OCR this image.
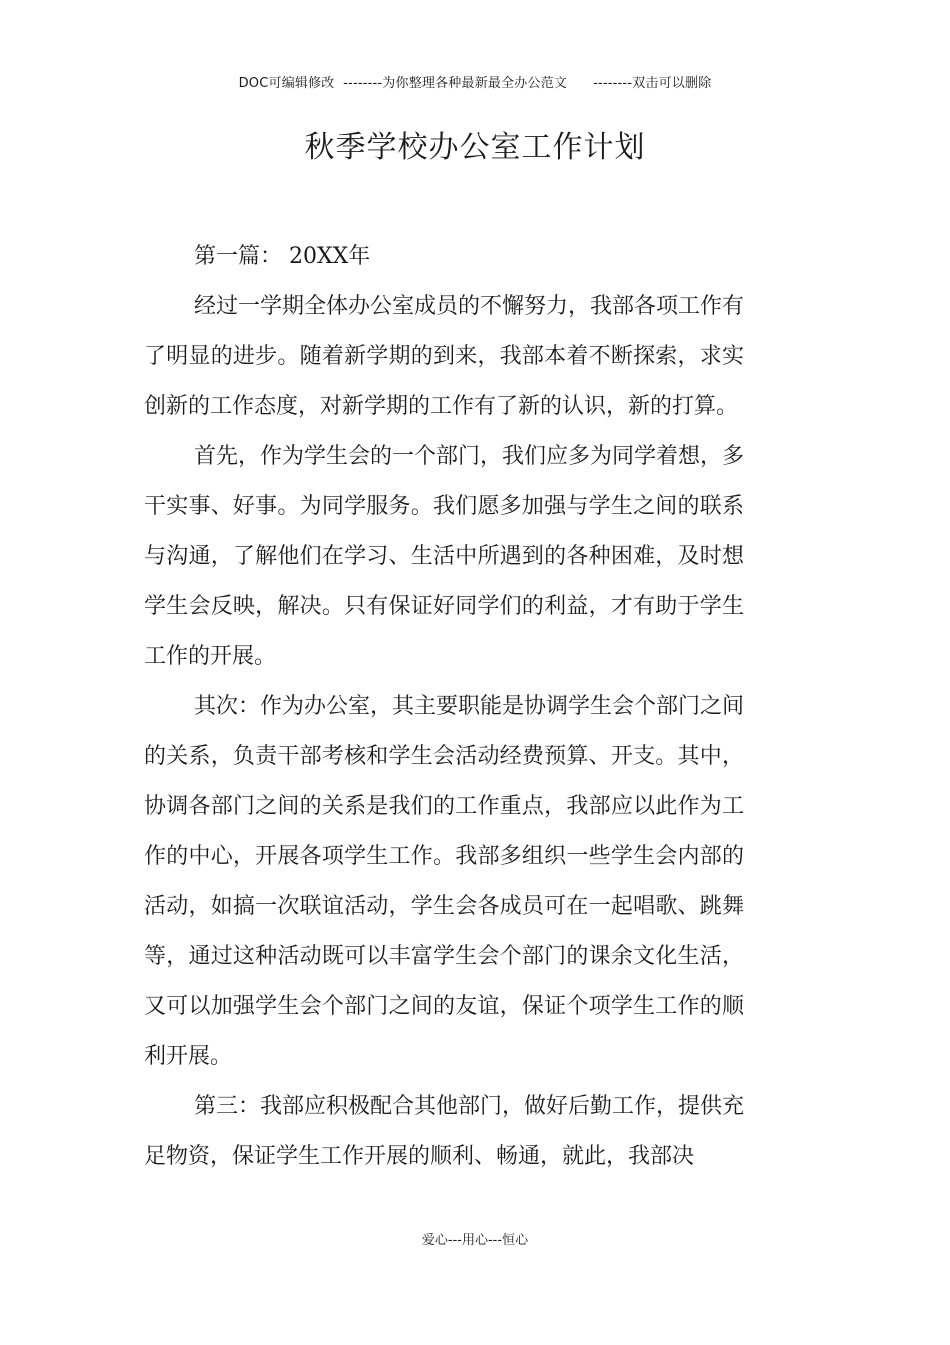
DOC可编辑修改  --------为你整理各种最新最全办公范文      --------双击可以删除
秋季学校办公室工作计划

第一篇： 20XX年

经过一学期全体办公室成员的不懈努力，我部各项工作有了明显的进步。随着新学期的到来，我部本着不断探索，求实创新的工作态度，对新学期的工作有了新的认识，新的打算。

首先，作为学生会的一个部门，我们应多为同学着想，多干实事、好事。为同学服务。我们愿多加强与学生之间的联系与沟通，了解他们在学习、生活中所遇到的各种困难，及时想学生会反映，解决。只有保证好同学们的利益，才有助于学生工作的开展。

其次：作为办公室，其主要职能是协调学生会个部门之间的关系，负责干部考核和学生会活动经费预算、开支。其中，协调各部门之间的关系是我们的工作重点，我部应以此作为工作的中心，开展各项学生工作。我部多组织一些学生会内部的活动，如搞一次联谊活动，学生会各成员可在一起唱歌、跳舞等，通过这种活动既可以丰富学生会个部门的课余文化生活，又可以加强学生会个部门之间的友谊，保证个项学生工作的顺利开展。

第三：我部应积极配合其他部门，做好后勤工作，提供充足物资，保证学生工作开展的顺利、畅通，就此，我部决

爱心---用心---恒心
